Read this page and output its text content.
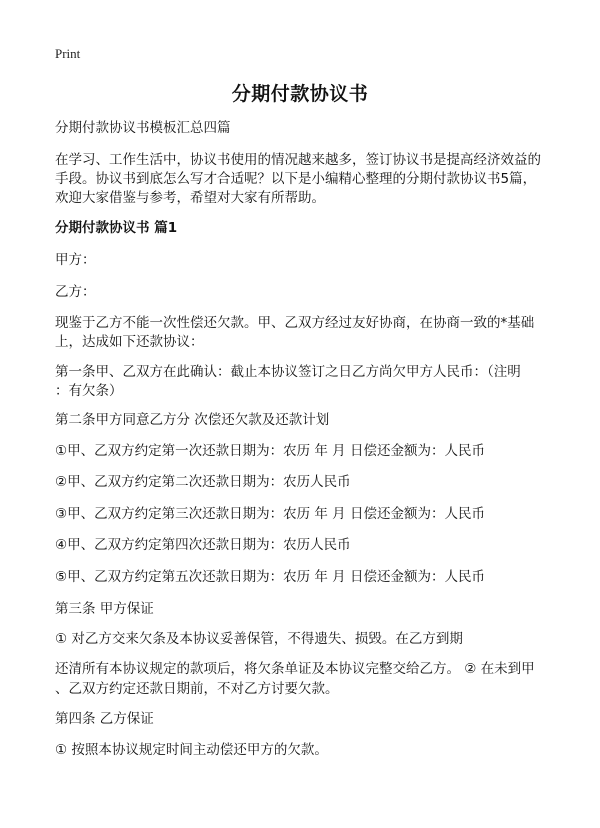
Print
分期付款协议书
分期付款协议书模板汇总四篇
在学习、工作生活中，协议书使用的情况越来越多，签订协议书是提高经济效益的
手段。协议书到底怎么写才合适呢？以下是小编精心整理的分期付款协议书5篇，
欢迎大家借鉴与参考，希望对大家有所帮助。
分期付款协议书 篇1
甲方：
乙方：
现鉴于乙方不能一次性偿还欠款。甲、乙双方经过友好协商，在协商一致的*基础
上，达成如下还款协议：
第一条甲、乙双方在此确认：截止本协议签订之日乙方尚欠甲方人民币：（注明
：有欠条）
第二条甲方同意乙方分 次偿还欠款及还款计划
①甲、乙双方约定第一次还款日期为：农历 年 月 日偿还金额为：人民币
②甲、乙双方约定第二次还款日期为：农历人民币
③甲、乙双方约定第三次还款日期为：农历 年 月 日偿还金额为：人民币
④甲、乙双方约定第四次还款日期为：农历人民币
⑤甲、乙双方约定第五次还款日期为：农历 年 月 日偿还金额为：人民币
第三条 甲方保证
① 对乙方交来欠条及本协议妥善保管，不得遗失、损毁。在乙方到期
还清所有本协议规定的款项后，将欠条单证及本协议完整交给乙方。 ② 在未到甲
、乙双方约定还款日期前，不对乙方讨要欠款。
第四条 乙方保证
① 按照本协议规定时间主动偿还甲方的欠款。
